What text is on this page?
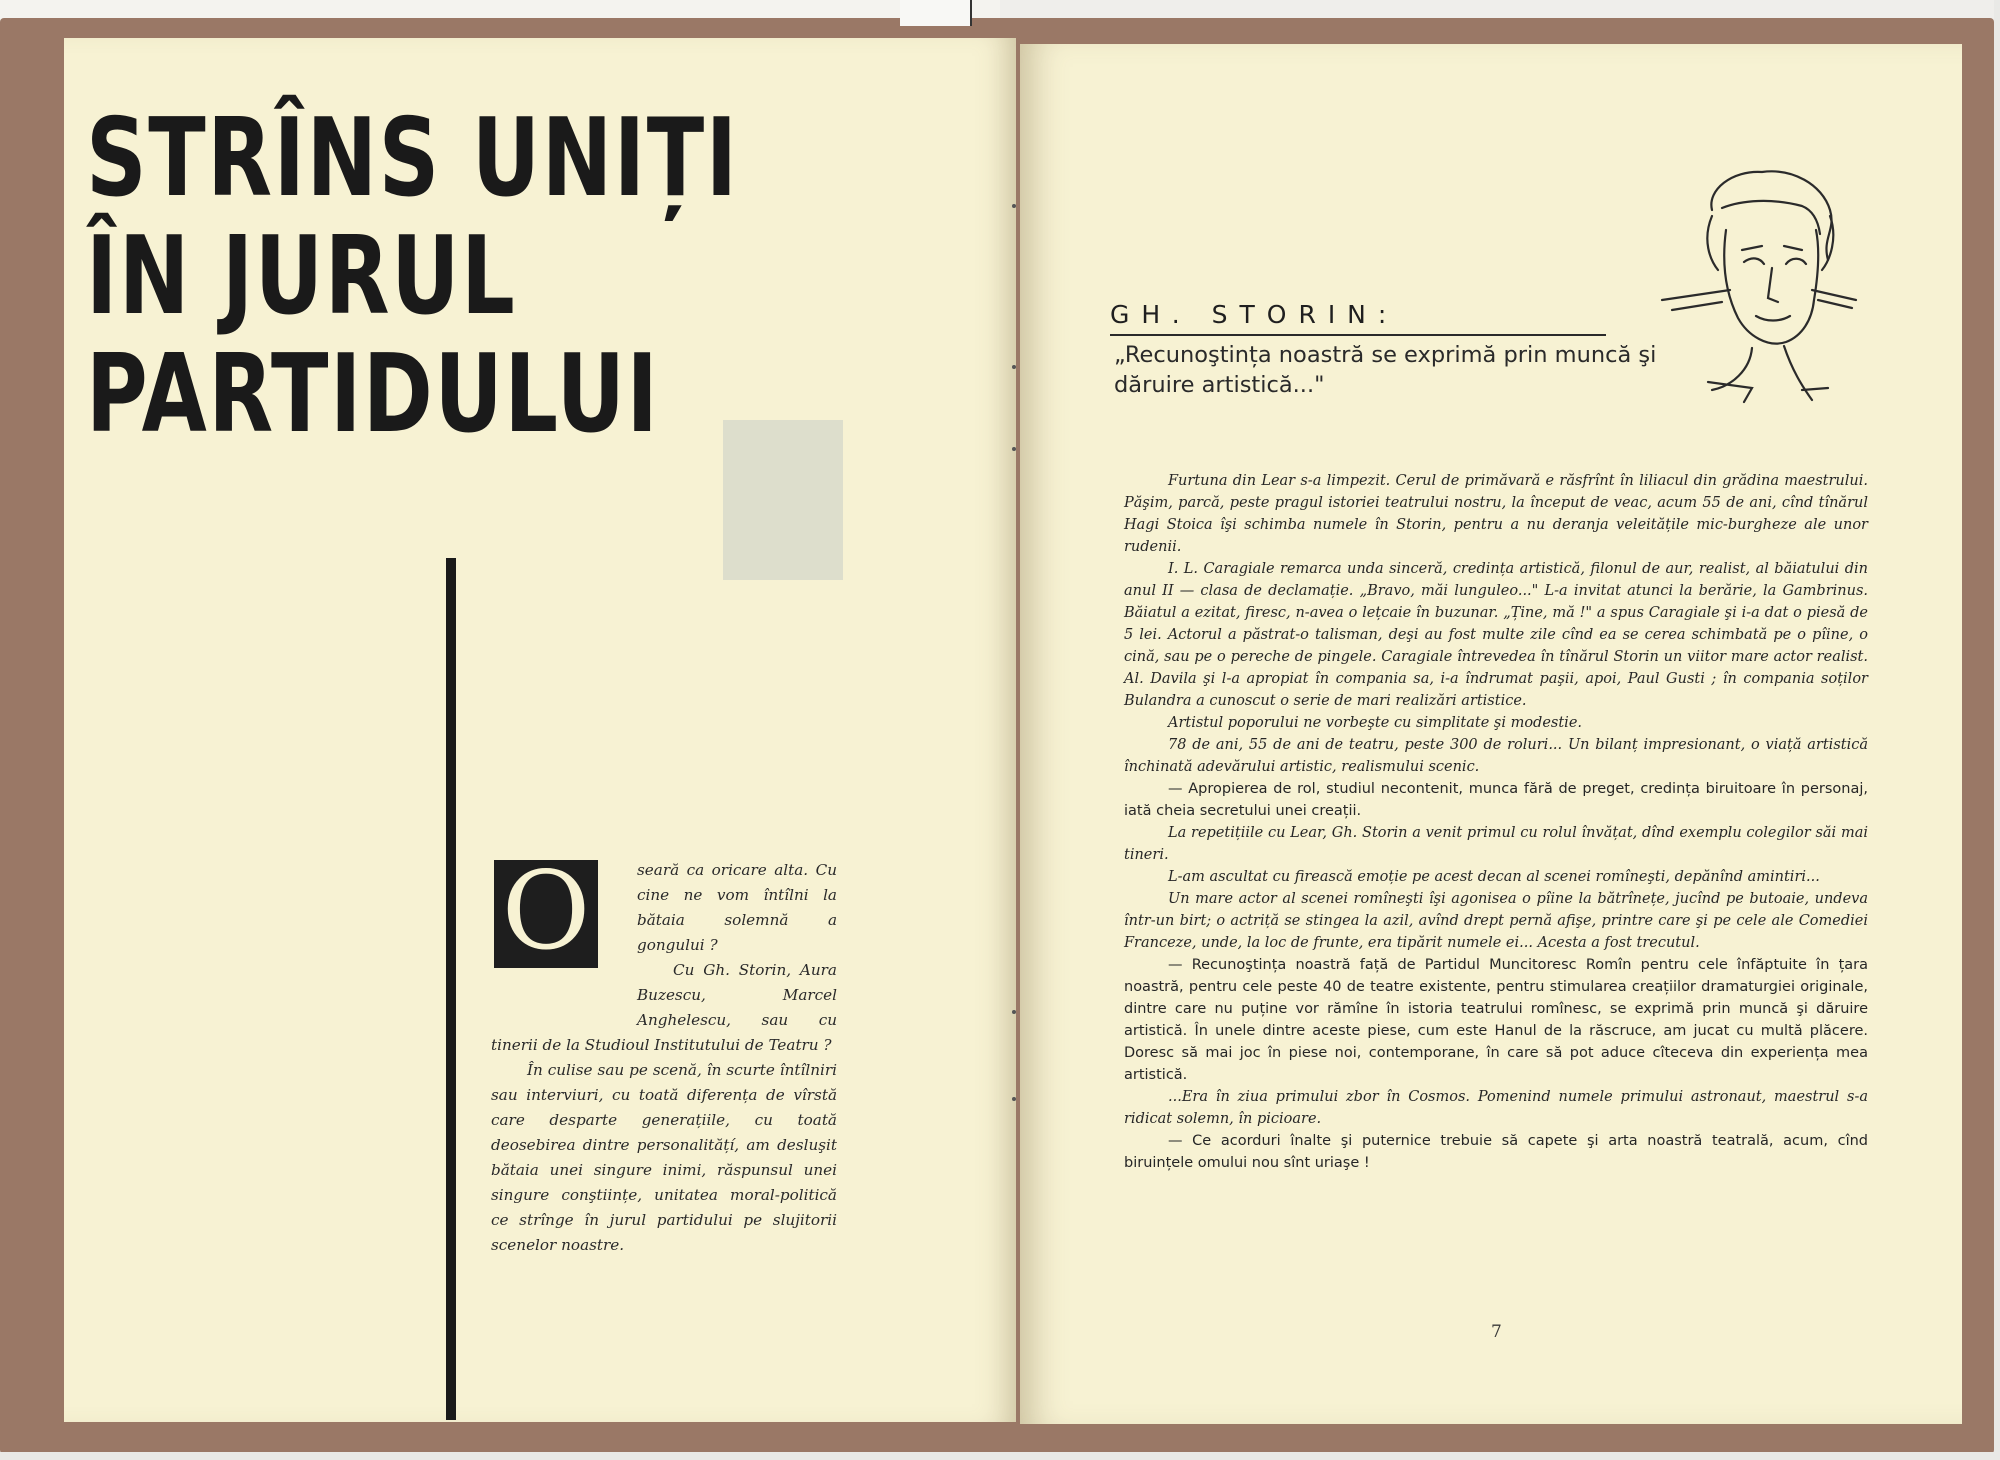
STRÎNS UNIȚI
ÎN JURUL
PARTIDULUI

seară ca oricare alta. Cu cine ne vom întîlni la bătaia solemnă a gongului ?

Cu Gh. Storin, Aura Buzescu, Marcel Anghelescu, sau cu tinerii de la Studioul Institutului de Teatru ?

În culise sau pe scenă, în scurte întîlniri sau interviuri, cu toată diferența de vîrstă care desparte generațiile, cu toată deosebirea dintre personalitățí, am desluşit bătaia unei singure inimi, răspunsul unei singure conştiințe, unitatea moral-politică ce strînge în jurul partidului pe slujitorii scenelor noastre.

O
GH. STORIN:
„Recunoştința noastră se exprimă prin muncă şi dăruire artistică..."

Furtuna din Lear s-a limpezit. Cerul de primăvară e răsfrînt în liliacul din grădina maestrului. Păşim, parcă, peste pragul istoriei teatrului nostru, la început de veac, acum 55 de ani, cînd tînărul Hagi Stoica îşi schimba numele în Storin, pentru a nu deranja veleitățile mic-burgheze ale unor rudenii.

I. L. Caragiale remarca unda sinceră, credința artistică, filonul de aur, realist, al băiatului din anul II — clasa de declamație. „Bravo, măi lunguleo..." L-a invitat atunci la berărie, la Gambrinus. Băiatul a ezitat, firesc, n-avea o lețcaie în buzunar. „Ține, mă !" a spus Caragiale şi i-a dat o piesă de 5 lei. Actorul a păstrat-o talisman, deşi au fost multe zile cînd ea se cerea schimbată pe o pîine, o cină, sau pe o pereche de pingele. Caragiale întrevedea în tînărul Storin un viitor mare actor realist. Al. Davila şi l-a apropiat în compania sa, i-a îndrumat paşii, apoi, Paul Gusti ; în compania soților Bulandra a cunoscut o serie de mari realizări artistice.

Artistul poporului ne vorbeşte cu simplitate şi modestie.

78 de ani, 55 de ani de teatru, peste 300 de roluri... Un bilanț impresionant, o viață artistică închinată adevărului artistic, realismului scenic.

— Apropierea de rol, studiul necontenit, munca fără de preget, credința biruitoare în personaj, iată cheia secretului unei creații.

La repetițiile cu Lear, Gh. Storin a venit primul cu rolul învățat, dînd exemplu colegilor săi mai tineri.

L-am ascultat cu firească emoție pe acest decan al scenei romîneşti, depănînd amintiri...

Un mare actor al scenei romîneşti îşi agonisea o pîine la bătrînețe, jucînd pe butoaie, undeva într-un birt; o actriță se stingea la azil, avînd drept pernă afişe, printre care şi pe cele ale Comediei Franceze, unde, la loc de frunte, era tipărit numele ei... Acesta a fost trecutul.

— Recunoştința noastră față de Partidul Muncitoresc Romîn pentru cele înfăptuite în țara noastră, pentru cele peste 40 de teatre existente, pentru stimularea creațiilor dramaturgiei originale, dintre care nu puține vor rămîne în istoria teatrului romînesc, se exprimă prin muncă şi dăruire artistică. În unele dintre aceste piese, cum este Hanul de la răscruce, am jucat cu multă plăcere. Doresc să mai joc în piese noi, contemporane, în care să pot aduce cîteceva din experiența mea artistică.

...Era în ziua primului zbor în Cosmos. Pomenind numele primului astronaut, maestrul s-a ridicat solemn, în picioare.

— Ce acorduri înalte şi puternice trebuie să capete şi arta noastră teatrală, acum, cînd biruințele omului nou sînt uriaşe !

7
